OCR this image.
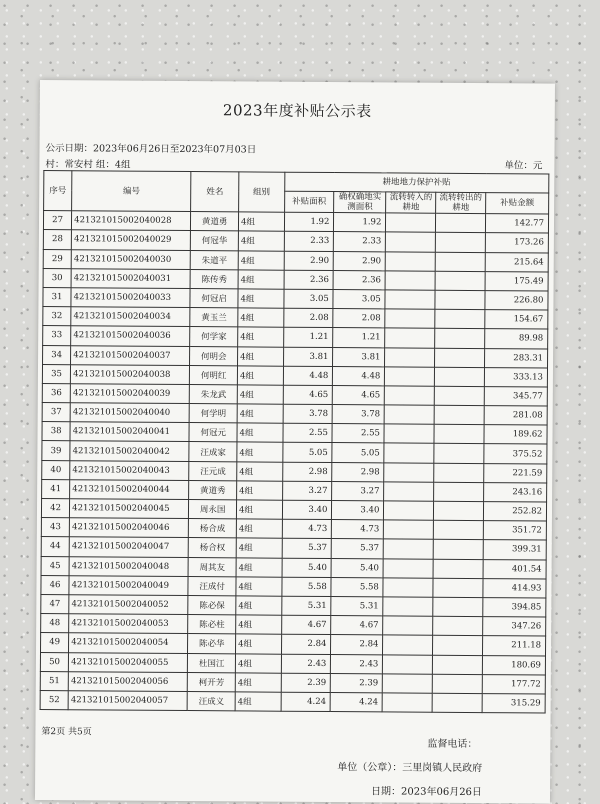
2023年度补贴公示表
公示日期：2023年06月26日至2023年07月03日
村：常安村 组：4组	单位：元
序号	编号	姓名	组别	耕地地力保护补贴				
				补贴面积	确权确地实测面积	流转转入的耕地	流转转出的耕地	补贴金额
27	421321015002040028	黄道勇	4组	1.92	1.92			142.77
28	421321015002040029	何冠华	4组	2.33	2.33			173.26
29	421321015002040030	朱道平	4组	2.90	2.90			215.64
30	421321015002040031	陈传秀	4组	2.36	2.36			175.49
31	421321015002040033	何冠启	4组	3.05	3.05			226.80
32	421321015002040034	黄玉兰	4组	2.08	2.08			154.67
33	421321015002040036	何学家	4组	1.21	1.21			89.98
34	421321015002040037	何明会	4组	3.81	3.81			283.31
35	421321015002040038	何明红	4组	4.48	4.48			333.13
36	421321015002040039	朱龙武	4组	4.65	4.65			345.77
37	421321015002040040	何学明	4组	3.78	3.78			281.08
38	421321015002040041	何冠元	4组	2.55	2.55			189.62
39	421321015002040042	汪成家	4组	5.05	5.05			375.52
40	421321015002040043	汪元成	4组	2.98	2.98			221.59
41	421321015002040044	黄道秀	4组	3.27	3.27			243.16
42	421321015002040045	周永国	4组	3.40	3.40			252.82
43	421321015002040046	杨合成	4组	4.73	4.73			351.72
44	421321015002040047	杨合权	4组	5.37	5.37			399.31
45	421321015002040048	周其友	4组	5.40	5.40			401.54
46	421321015002040049	汪成付	4组	5.58	5.58			414.93
47	421321015002040052	陈必保	4组	5.31	5.31			394.85
48	421321015002040053	陈必柱	4组	4.67	4.67			347.26
49	421321015002040054	陈必华	4组	2.84	2.84			211.18
50	421321015002040055	杜国江	4组	2.43	2.43			180.69
51	421321015002040056	柯开芳	4组	2.39	2.39			177.72
52	421321015002040057	汪成义	4组	4.24	4.24			315.29
第2页 共5页
监督电话：
单位（公章）：三里岗镇人民政府
日期：2023年06月26日
